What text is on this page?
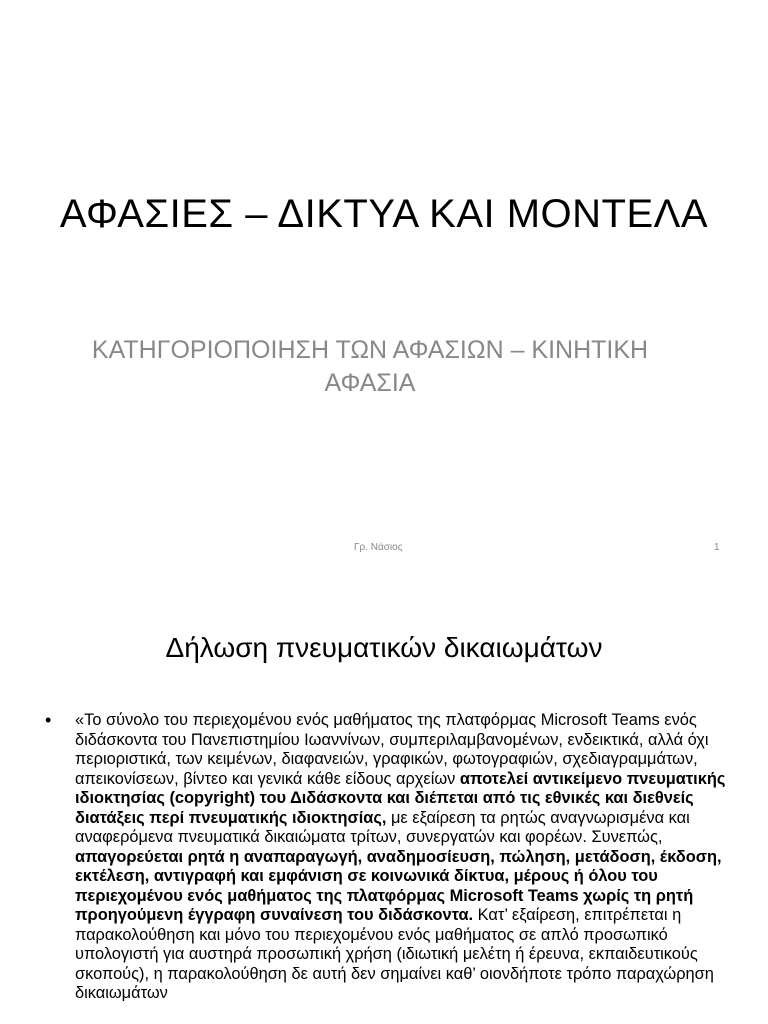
ΑΦΑΣΙΕΣ – ΔΙΚΤΥΑ ΚΑΙ ΜΟΝΤΕΛΑ
ΚΑΤΗΓΟΡΙΟΠΟΙΗΣΗ ΤΩΝ ΑΦΑΣΙΩΝ – ΚΙΝΗΤΙΚΗ ΑΦΑΣΙΑ
Γρ. Νάσιος	1
Δήλωση πνευματικών δικαιωμάτων
• «Το σύνολο του περιεχομένου ενός μαθήματος της πλατφόρμας Microsoft Teams ενός διδάσκοντα του Πανεπιστημίου Ιωαννίνων, συμπεριλαμβανομένων, ενδεικτικά, αλλά όχι περιοριστικά, των κειμένων, διαφανειών, γραφικών, φωτογραφιών, σχεδιαγραμμάτων, απεικονίσεων, βίντεο και γενικά κάθε είδους αρχείων αποτελεί αντικείμενο πνευματικής ιδιοκτησίας (copyright) του Διδάσκοντα και διέπεται από τις εθνικές και διεθνείς διατάξεις περί πνευματικής ιδιοκτησίας, με εξαίρεση τα ρητώς αναγνωρισμένα και αναφερόμενα πνευματικά δικαιώματα τρίτων, συνεργατών και φορέων. Συνεπώς, απαγορεύεται ρητά η αναπαραγωγή, αναδημοσίευση, πώληση, μετάδοση, έκδοση, εκτέλεση, αντιγραφή και εμφάνιση σε κοινωνικά δίκτυα, μέρους ή όλου του περιεχομένου ενός μαθήματος της πλατφόρμας Microsoft Teams χωρίς τη ρητή προηγούμενη έγγραφη συναίνεση του διδάσκοντα. Κατ’ εξαίρεση, επιτρέπεται η παρακολούθηση και μόνο του περιεχομένου ενός μαθήματος σε απλό προσωπικό υπολογιστή για αυστηρά προσωπική χρήση (ιδιωτική μελέτη ή έρευνα, εκπαιδευτικούς σκοπούς), η παρακολούθηση δε αυτή δεν σημαίνει καθ’ οιονδήποτε τρόπο παραχώρηση δικαιωμάτων
